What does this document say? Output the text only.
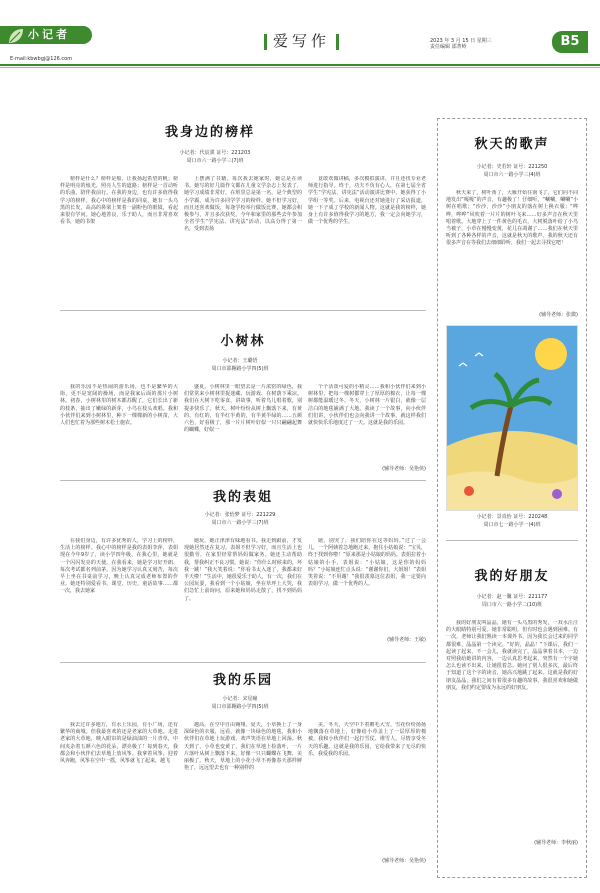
小记者
E-mail:kbwbgj@126.com
爱写作	2023 年 3 月 15 日 星期三
责任编辑 邵菁岭	B5
我身边的榜样
小记者：代宸骐 证号：221203
周口市六一路小学三(7)班
榜样是什么？榜样是船，让我扬起希望的帆；榜样是明亮的烛光，照亮人生的道路；榜样是一首动听的乐曲，陪伴我前行。在我的身边，也有许多值得我学习的榜样。我心中的榜样是我的同桌，她有一头乌黑的长发，高高的鼻梁上架着一副粉色的眼镜，看起来很有学问。她心地善良，乐于助人，而且非常喜欢看书，她的书架
上摆满了书籍，每次我去她家时，她总是在读书。她写的好几篇作文都在儿童文学杂志上发表了，她学习成绩非常好，在班里总是第一名，是个典型的小学霸，成为许多同学学习的榜样。她不但学习好，而且还喜欢做饭，每逢学校举行做饭比赛，她都会积极参与，并且多次获奖。今年和家里的那些去年参加全省学生“学宪法、讲宪法”活动，以高分得了第一名，受到表扬
竟敢欢做讲稿，多次模拟演讲，并且还找专业老师进行指导。终于，功夫不负有心人，在第七届全省学生“学宪法、讲宪法”活动演讲比赛中，她获得了小学组一等奖。后来，电视台还对她进行了采访报道，她一下子成了学校的新闻人物。这就是我的榜样，她身上有许多值得我学习的地方，我一定会向她学习，做一个优秀的学生。
小树林
小记者：王璐悟
周口市邵翱路小学四(5)班
我的乐园不是热闹的游乐场，也不是繁华的大街，更不是宽阔的操场，而是我家后面的那片小树林。初春，小树林里的树木都苏醒了，它们长出了新的枝条，抽出了嫩绿的新芽，小鸟在枝头欢唱。我和小伙伴们来到小树林里，种下一棵棵新的小树苗，大人们也忙着为那些树木松土施农。
盛夏，小树林里一眼望去是一片浓密的绿色，我们常常来小树林里捉迷藏、玩游戏、在树荫下乘凉。我们在大树下吃零食，讲故事，听着鸟儿唱着歌，别提多快乐了。秋天，树叶纷纷从树上飘落下来，有黄的、有红的，有半红半黄的，有半黄半绿的……五颜六色，好看极了，那一片片树叶好似一只只翩翩起舞的蝴蝶，好似一
个个活泼可爱的小精灵……我和小伙伴们来到小树林里，把每一棵树都穿上了厚厚的棉衣，让每一棵树都能温暖过冬。冬天，小树林一片银白，就像一层洁白的地毯铺满了大地。我读了一个故事，向小伙伴们们讲，小伙伴们也会向我讲一个故事，就这样我们就快快乐乐地度过了一天。这就是我的乐园。
(辅导老师：吴艳侠)
我的表姐
小记者：张怡梦 证号：221229
周口市六一路小学三(7)班
在我们身边，有许多优秀的人，学习上的榜样，生活上的榜样。我心中的榜样是我的表姐李萍，表姐现在今年9岁了，读小学四年级，在我心里，她就是一个闪闪发亮的天使。在我看来，她是学习好开朗、每次考试都名列前茅。因为她学习认真又刻苦，每次早上坐在书桌前学习，晚上认真完成老师布置的作业。她还特别爱看书，课堂、历史、童话故事……都一次，我去她家
她玩，她正津津有味地看书。我走到跟前，才发现她居然还在复习。表姐不但学习好，而且生活上也很勤劳，在家里经常帮妈妈做家务。她还主动帮助我，帮我纠正不良习惯。她说：“你什么时候来的，坏我一跳！”我大笑着说：“你看书太入迷了，我都来好半天啦！”生活中，她很爱乐于助人，有一次，我们在公园玩耍，我看到一个小姑娘，坐在草坪上大哭，我们急忙上前询问，原来她和妈妈走散了，找不到妈妈了。
她，别哭了，我们陪你在这等妈妈。”过了一会儿，一个阿姨着急地跑过来，抱住小姑娘说：“宝贝，终于找到你啦！”原来那是小姑娘的妈妈。表姐拉着小姑娘的小手，表姐说：“小姑娘，这是你的妈妈吗？”小姑娘连忙点头说：“谢谢你们，大姐姐！”表姐笑着说：“不用谢！”我很羡慕这位表姐，我一定要向表姐学习，做一个优秀的人。
(辅导老师：王敏)
我的乐园
小记者：宋星瞳
周口市邵翱路小学四(5)班
我去过许多地方，有水上乐园，有小广场，还有繁华的商城。但我最喜欢的还是老家的大草地。走进老家的大草地，映入眼帘的是绿油油的一片青草，中间夹杂着五颜六色的花朵，漂亮极了！每到春天，我都会和小伙伴们去草地上放风筝。我拿着风筝，迎着风奔跑，风筝在空中一摇，风筝就飞了起来，越飞
越高，在空中自由翱翔。夏天，小草换上了一身深绿色的衣服，远看，就像一块绿色的地毯，我和小伙伴们在草地上玩游戏，欢声笑语在草地上回荡。秋天到了，小草也变黄了，我们在草地上捡落叶，一片片落叶从树上飘落下来，好像一只只蝴蝶在飞舞，美丽极了。秋天，草地上的小花小草不再像春天那样鲜艳了，远远望去也有一种别样的
美。冬天，天空中下着鹅毛大雪，雪花纷纷扬扬地飘落在草地上，好像给小草盖上了一层厚厚的棉被，我和小伙伴们一起打雪仗、堆雪人，尽情享受冬天的乐趣。这就是我的乐园，它给我带来了无尽的快乐，我爱我的乐园。
(辅导老师：吴艳侠)
秋天的歌声
小记者：史若轩 证号：221250
周口市六一路小学三(4)班
秋天来了，树叶黄了，大雁开始往南飞了，它们向不同地发出“嘎嘎”的声音，有趣极了！仔细听，“唰唰，唰唰”小树在唱歌；“沙沙，沙沙”小朋友的落在树上换衣服；“哗哗，哗哗”风吹着一片片的树叶飞来……好多声音在秋天里唱着歌。大地穿上了一件黄色的毛衣，大树脱落叶给了小鸟当被子，小草在慢慢变黄，花儿在凋谢了……我们在秋天里听到了各种各样的声音，这就是秋天的歌声。我的秋天还有很多声音在等我们去细细聆听，我们一起去寻找它吧！
(辅导老师：张微)
小记者：景真怡 证号：220248
周口市七一路小学一(4)班
我的好朋友
小记者：赵一馨 证号：221177
周口市六一路小学二(10)班
我的好朋友叫晶晶，她有一头乌黑的秀发，一双水汪汪的大眼睛特别可爱。她非常聪明，但有时也会遇到困难。有一次，老师让我们熟读一本课外书，因为我长会过来的同学都很难，晶晶第一个读完。“好的，晶晶！”下课后，我们一起读了起来，不一会儿，我就读完了。晶晶拿着书本，一边对照我给她讲的内容，一边认真思考起来，突然有一个字她怎么也读不出来，让她很着急。她问了别人很多次，最后终于知道了这个字的读音，她高兴地跳了起来。这就是我的好朋友晶晶，我们之间有着很多有趣的故事，我很喜欢和她做朋友，我们约定要成为永远的好朋友。
(辅导老师：李秋丽)
